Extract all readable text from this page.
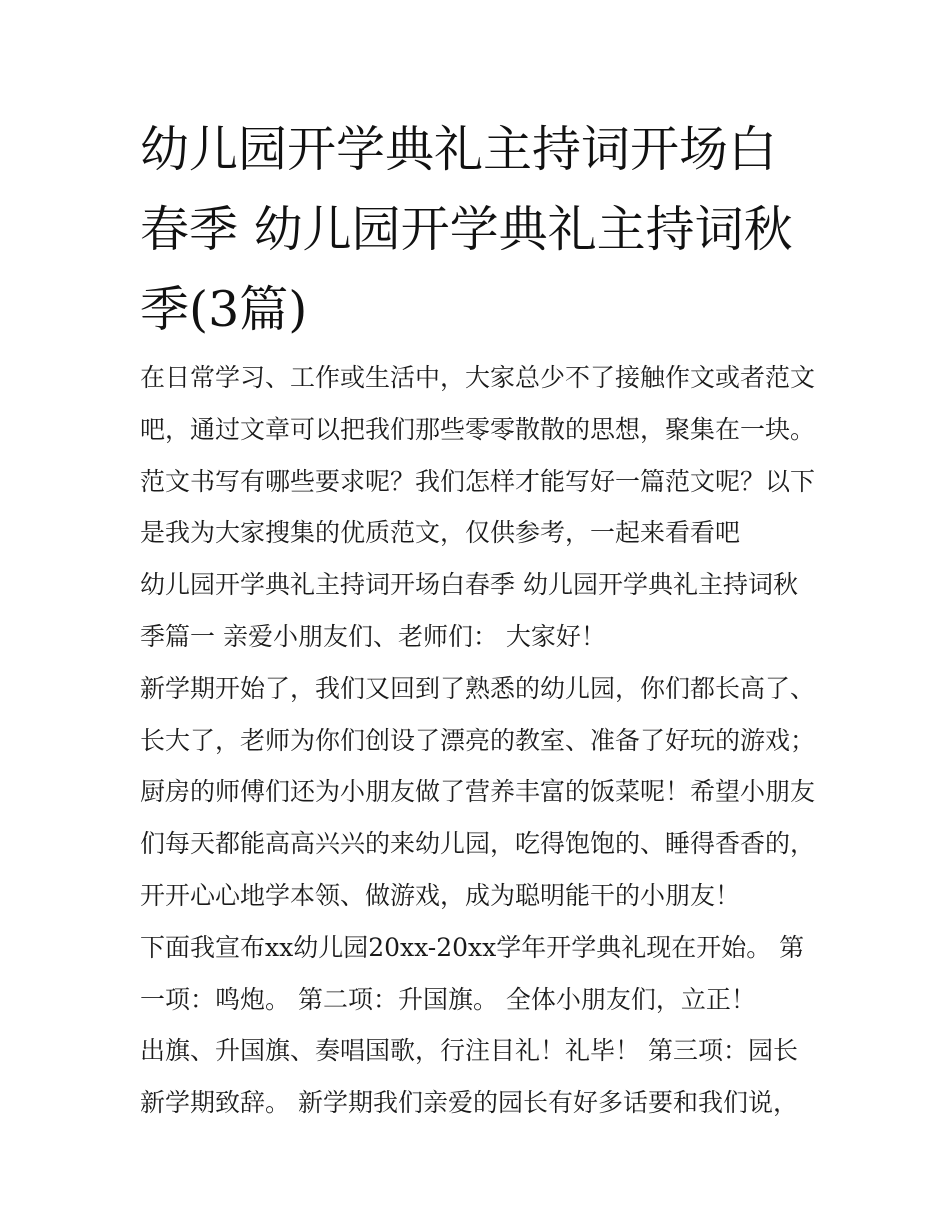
幼儿园开学典礼主持词开场白
春季 幼儿园开学典礼主持词秋
季(3篇)
在日常学习、工作或生活中，大家总少不了接触作文或者范文
吧，通过文章可以把我们那些零零散散的思想，聚集在一块。
范文书写有哪些要求呢？我们怎样才能写好一篇范文呢？以下
是我为大家搜集的优质范文，仅供参考，一起来看看吧
幼儿园开学典礼主持词开场白春季 幼儿园开学典礼主持词秋
季篇一 亲爱小朋友们、老师们： 大家好！
新学期开始了，我们又回到了熟悉的幼儿园，你们都长高了、
长大了，老师为你们创设了漂亮的教室、准备了好玩的游戏；
厨房的师傅们还为小朋友做了营养丰富的饭菜呢！希望小朋友
们每天都能高高兴兴的来幼儿园，吃得饱饱的、睡得香香的，
开开心心地学本领、做游戏，成为聪明能干的小朋友！
下面我宣布xx幼儿园20xx-20xx学年开学典礼现在开始。 第
一项：鸣炮。 第二项：升国旗。 全体小朋友们，立正！
出旗、升国旗、奏唱国歌，行注目礼！礼毕！ 第三项：园长
新学期致辞。 新学期我们亲爱的园长有好多话要和我们说，
